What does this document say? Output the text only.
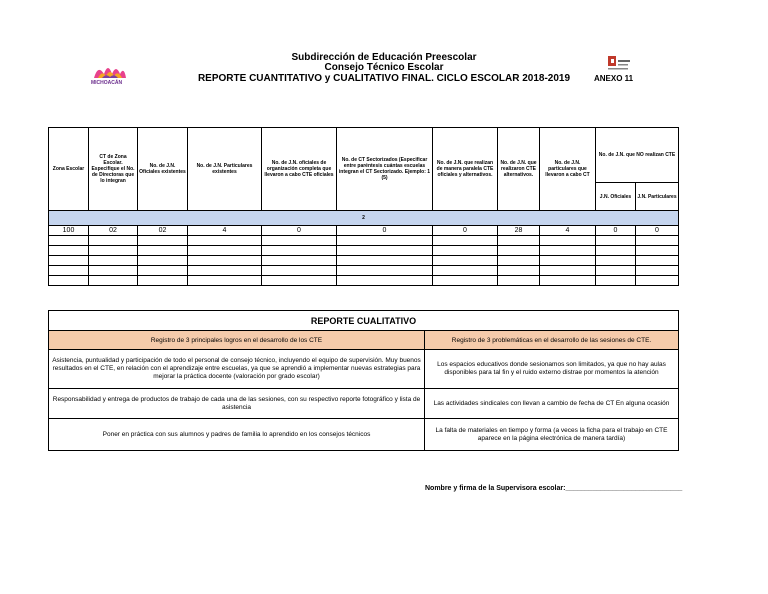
Subdirección de Educación Preescolar
Consejo Técnico Escolar
REPORTE CUANTITATIVO y CUALITATIVO FINAL. CICLO ESCOLAR 2018-2019
MICHOACÁN	ANEXO 11
Zona Escolar	CT de Zona Escolar. Especifique el No. de Directoras que lo integran	No. de J.N. Oficiales existentes	No. de J.N. Particulares existentes	No. de J.N. oficiales de organización completa que llevaron a cabo CTE oficiales	No. de CT Sectorizados (Especificar entre paréntesis cuántas escuelas integran el CT Sectorizado. Ejemplo: 1 (5)	No. de J.N. que realizan de manera paralela CTE oficiales y alternativos.	No. de J.N. que realizaron CTE alternativos.	No. de J.N. particulares que llevaron a cabo CT	No. de J.N. que NO realizan CTE	
									J.N. Oficiales	J.N. Particulares
2										
100	02	02	4	0	0	0	28	4	0	0

REPORTE CUALITATIVO	
Registro de 3 principales logros en el desarrollo de los CTE	Registro de 3 problemáticas en el desarrollo de las sesiones de CTE.
Asistencia, puntualidad y participación de todo el personal de consejo técnico, incluyendo el equipo de supervisión. Muy buenos resultados en el CTE, en relación con el aprendizaje entre escuelas, ya que se aprendió a implementar nuevas estrategias para mejorar la práctica docente (valoración por grado escolar)	Los espacios educativos donde sesionamos son limitados, ya que no hay aulas disponibles para tal fin y el ruido externo distrae por momentos la atención
Responsabilidad y entrega de productos de trabajo de cada una de las sesiones, con su respectivo reporte fotográfico y lista de asistencia	Las actividades sindicales con llevan a cambio de fecha de CT En alguna ocasión
Poner en práctica con sus alumnos y padres de familia lo aprendido en los consejos técnicos	La falta de materiales en tiempo y forma (a veces la ficha para el trabajo en CTE aparece en la página electrónica de manera tardía)
Nombre y firma de la Supervisora escolar:______________________________
